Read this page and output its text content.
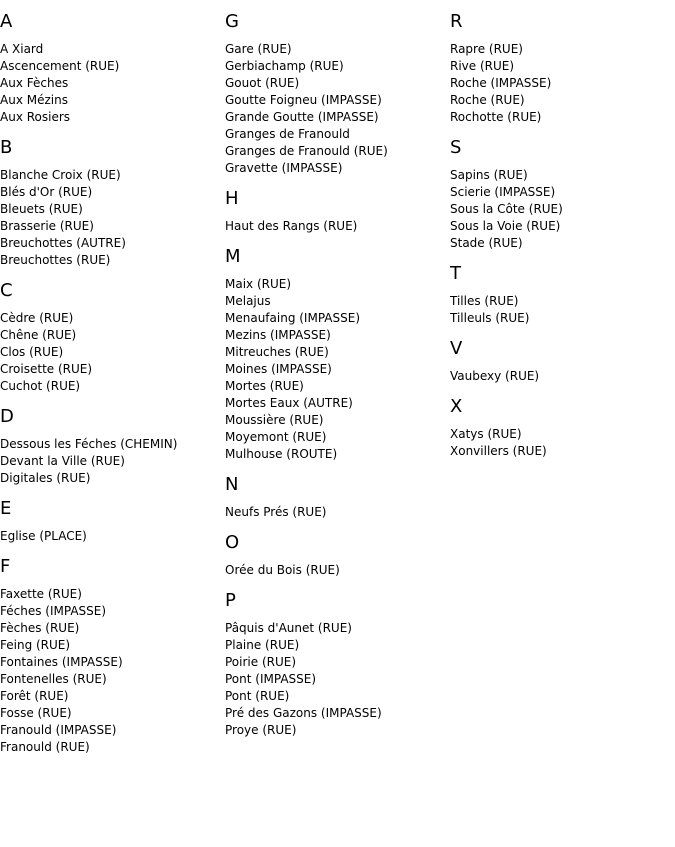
A
A Xiard
Ascencement (RUE)
Aux Fèches
Aux Mézins
Aux Rosiers
B
Blanche Croix (RUE)
Blés d'Or (RUE)
Bleuets (RUE)
Brasserie (RUE)
Breuchottes (AUTRE)
Breuchottes (RUE)
C
Cèdre (RUE)
Chêne (RUE)
Clos (RUE)
Croisette (RUE)
Cuchot (RUE)
D
Dessous les Féches (CHEMIN)
Devant la Ville (RUE)
Digitales (RUE)
E
Eglise (PLACE)
F
Faxette (RUE)
Féches (IMPASSE)
Fèches (RUE)
Feing (RUE)
Fontaines (IMPASSE)
Fontenelles (RUE)
Forêt (RUE)
Fosse (RUE)
Franould (IMPASSE)
Franould (RUE)
G
Gare (RUE)
Gerbiachamp (RUE)
Gouot (RUE)
Goutte Foigneu (IMPASSE)
Grande Goutte (IMPASSE)
Granges de Franould
Granges de Franould (RUE)
Gravette (IMPASSE)
H
Haut des Rangs (RUE)
M
Maix (RUE)
Melajus
Menaufaing (IMPASSE)
Mezins (IMPASSE)
Mitreuches (RUE)
Moines (IMPASSE)
Mortes (RUE)
Mortes Eaux (AUTRE)
Moussière (RUE)
Moyemont (RUE)
Mulhouse (ROUTE)
N
Neufs Prés (RUE)
O
Orée du Bois (RUE)
P
Pâquis d'Aunet (RUE)
Plaine (RUE)
Poirie (RUE)
Pont (IMPASSE)
Pont (RUE)
Pré des Gazons (IMPASSE)
Proye (RUE)
R
Rapre (RUE)
Rive (RUE)
Roche (IMPASSE)
Roche (RUE)
Rochotte (RUE)
S
Sapins (RUE)
Scierie (IMPASSE)
Sous la Côte (RUE)
Sous la Voie (RUE)
Stade (RUE)
T
Tilles (RUE)
Tilleuls (RUE)
V
Vaubexy (RUE)
X
Xatys (RUE)
Xonvillers (RUE)
